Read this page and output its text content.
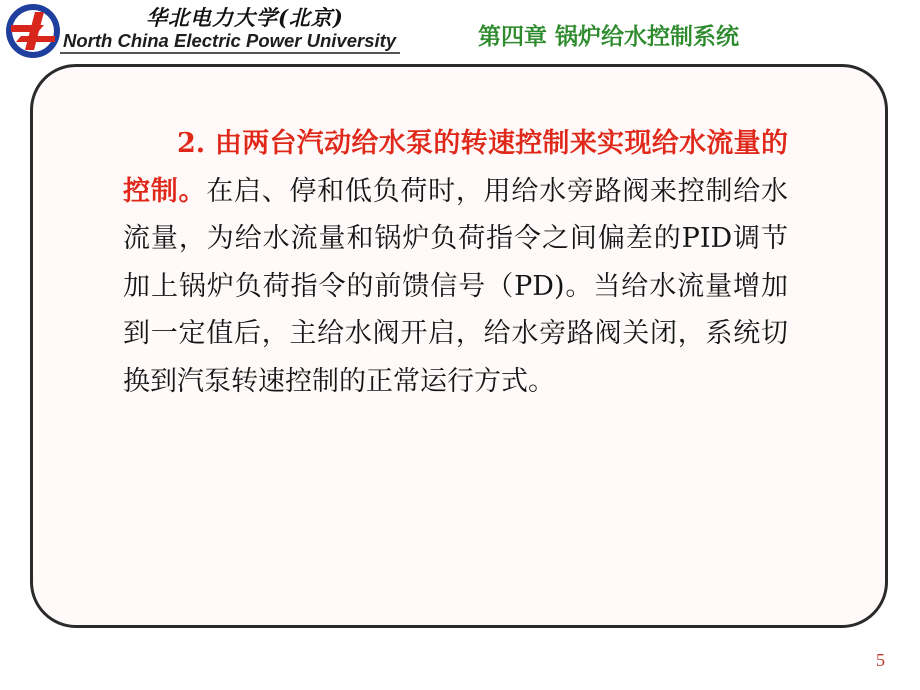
华北电力大学(北京)
North China Electric Power University	第四章 锅炉给水控制系统

2. 由两台汽动给水泵的转速控制来实现给水流量的控制。在启、停和低负荷时，用给水旁路阀来控制给水流量，为给水流量和锅炉负荷指令之间偏差的PID调节加上锅炉负荷指令的前馈信号（PD)。当给水流量增加到一定值后，主给水阀开启，给水旁路阀关闭，系统切换到汽泵转速控制的正常运行方式。

5
